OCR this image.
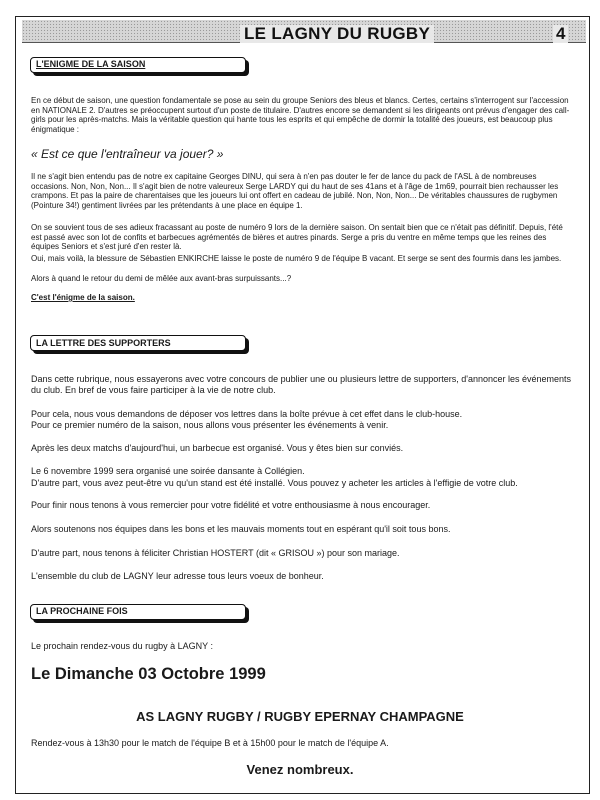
LE LAGNY DU RUGBY	4
L'ENIGME DE LA SAISON

En ce début de saison, une question fondamentale se pose au sein du groupe Seniors des bleus et blancs. Certes, certains s'interrogent sur l'accession en NATIONALE 2. D'autres se préoccupent surtout d'un poste de titulaire. D'autres encore se demandent si les dirigeants ont prévus d'engager des call-girls pour les après-matchs. Mais la véritable question qui hante tous les esprits et qui empêche de dormir la totalité des joueurs, est beaucoup plus énigmatique :

« Est ce que l'entraîneur va jouer? »

Il ne s'agit bien entendu pas de notre ex capitaine Georges DINU, qui sera à n'en pas douter le fer de lance du pack de l'ASL à de nombreuses occasions. Non, Non, Non... Il s'agit bien de notre valeureux Serge LARDY qui du haut de ses 41ans et à l'âge de 1m69, pourrait bien rechausser les crampons. Et pas la paire de charentaises que les joueurs lui ont offert en cadeau de jubilé. Non, Non, Non... De véritables chaussures de rugbymen (Pointure 34!) gentiment livrées par les prétendants à une place en équipe 1.

On se souvient tous de ses adieux fracassant au poste de numéro 9 lors de la dernière saison. On sentait bien que ce n'était pas définitif. Depuis, l'été est passé avec son lot de confits et barbecues agrémentés de bières et autres pinards. Serge a pris du ventre en même temps que les reines des équipes Seniors et s'est juré d'en rester là.

Oui, mais voilà, la blessure de Sébastien ENKIRCHE laisse le poste de numéro 9 de l'équipe B vacant. Et serge se sent des fourmis dans les jambes.

Alors à quand le retour du demi de mêlée aux avant-bras surpuissants...?

C'est l'énigme de la saison.
LA LETTRE DES SUPPORTERS

Dans cette rubrique, nous essayerons avec votre concours de publier une ou plusieurs lettre de supporters, d'annoncer les événements du club. En bref de vous faire participer à la vie de notre club.

Pour cela, nous vous demandons de déposer vos lettres dans la boîte prévue à cet effet dans le club-house.

Pour ce premier numéro de la saison, nous allons vous présenter les événements à venir.

Après les deux matchs d'aujourd'hui, un barbecue est organisé. Vous y êtes bien sur conviés.

Le 6 novembre 1999 sera organisé une soirée dansante à Collégien.

D'autre part, vous avez peut-être vu qu'un stand est été installé. Vous pouvez y acheter les articles à l'effigie de votre club.

Pour finir nous tenons à vous remercier pour votre fidélité et votre enthousiasme à nous encourager.

Alors soutenons nos équipes dans les bons et les mauvais moments tout en espérant qu'il soit tous bons.

D'autre part, nous tenons à féliciter Christian HOSTERT (dit « GRISOU ») pour son mariage.

L'ensemble du club de LAGNY leur adresse tous leurs voeux de bonheur.

LA PROCHAINE FOIS

Le prochain rendez-vous du rugby à LAGNY :

Le Dimanche 03 Octobre 1999
AS LAGNY RUGBY / RUGBY EPERNAY CHAMPAGNE

Rendez-vous à 13h30 pour le match de l'équipe B et à 15h00 pour le match de l'équipe A.

Venez nombreux.
